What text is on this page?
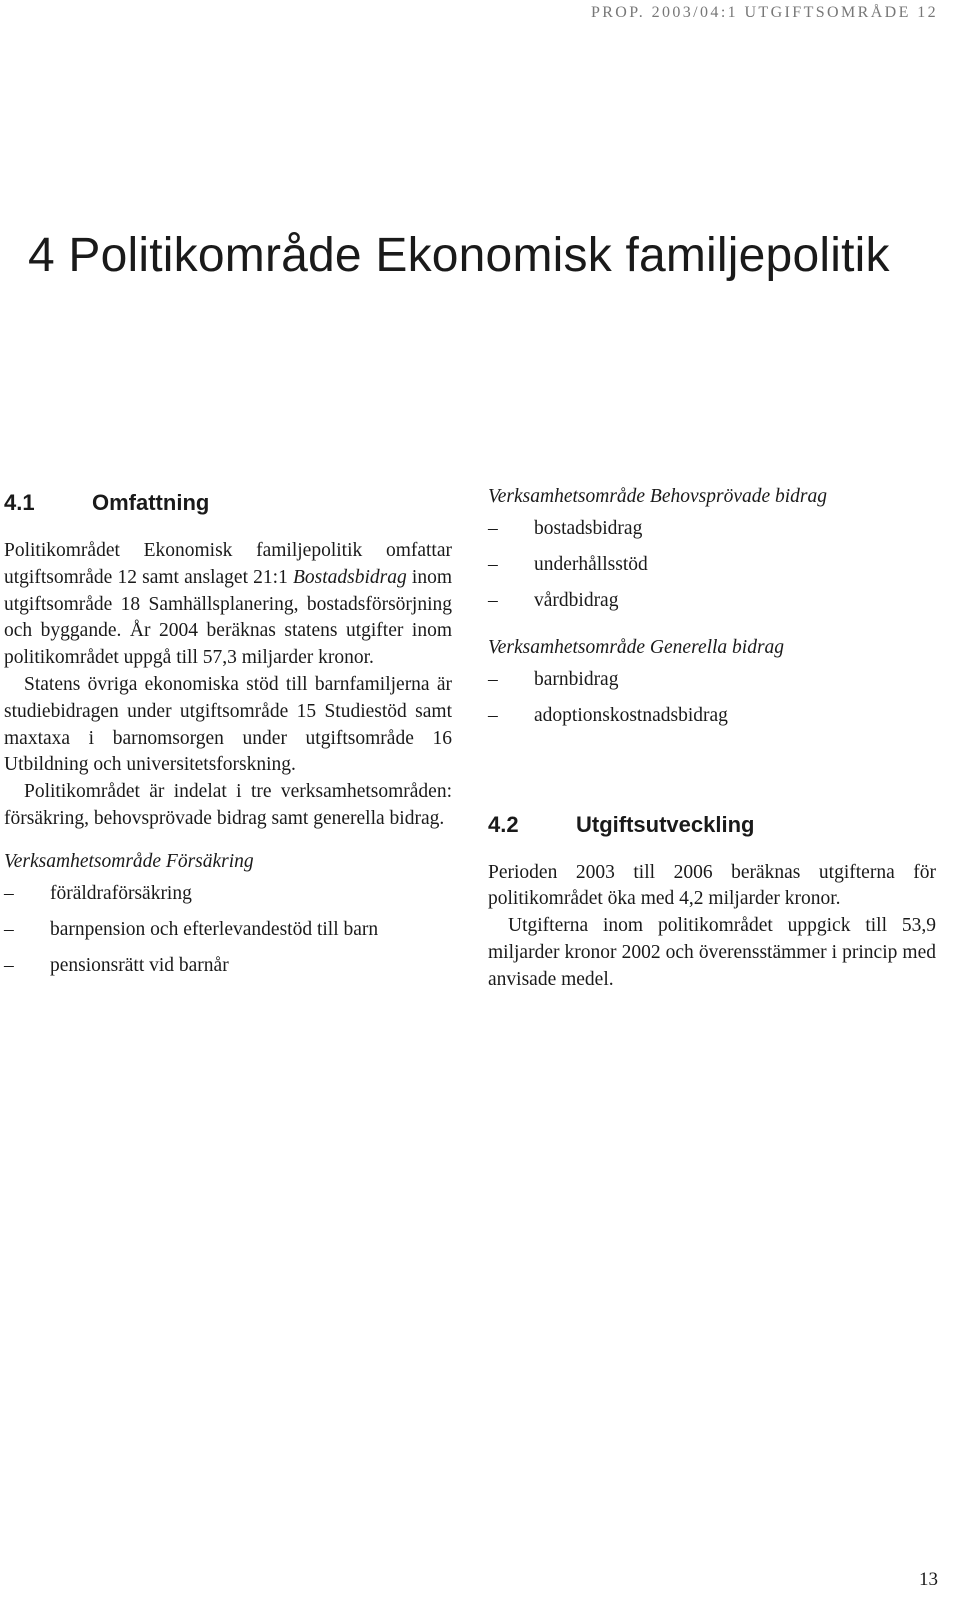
PROP. 2003/04:1 UTGIFTSOMRÅDE 12
4 Politikområde Ekonomisk familjepolitik
4.1	Omfattning

Politikområdet Ekonomisk familjepolitik omfattar utgiftsområde 12 samt anslaget 21:1 Bostadsbidrag inom utgiftsområde 18 Samhällsplanering, bostadsförsörjning och byggande. År 2004 beräknas statens utgifter inom politikområdet uppgå till 57,3 miljarder kronor.

Statens övriga ekonomiska stöd till barnfamiljerna är studiebidragen under utgiftsområde 15 Studiestöd samt maxtaxa i barnomsorgen under utgiftsområde 16 Utbildning och universitetsforskning.

Politikområdet är indelat i tre verksamhetsområden: försäkring, behovsprövade bidrag samt generella bidrag.

Verksamhetsområde Försäkring

–	föräldraförsäkring
–	barnpension och efterlevandestöd till barn
–	pensionsrätt vid barnår

Verksamhetsområde Behovsprövade bidrag

–	bostadsbidrag
–	underhållsstöd
–	vårdbidrag

Verksamhetsområde Generella bidrag

–	barnbidrag
–	adoptionskostnadsbidrag
4.2	Utgiftsutveckling

Perioden 2003 till 2006 beräknas utgifterna för politikområdet öka med 4,2 miljarder kronor.

Utgifterna inom politikområdet uppgick till 53,9 miljarder kronor 2002 och överensstämmer i princip med anvisade medel.

13
